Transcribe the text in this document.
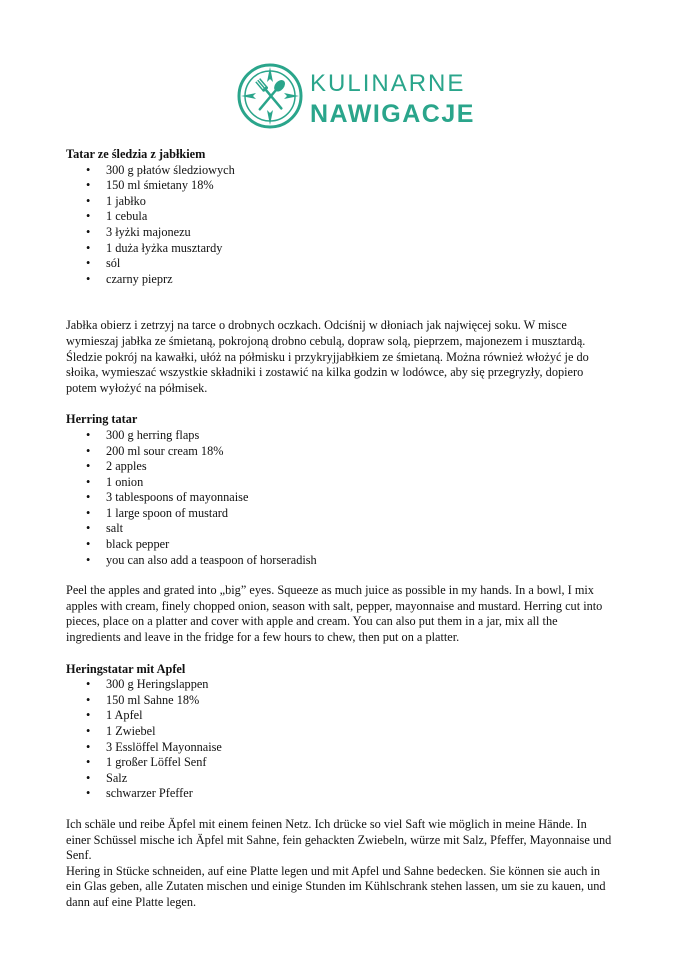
KULINARNE
NAWIGACJE

Tatar ze śledzia z jabłkiem

• 300 g płatów śledziowych
• 150 ml śmietany 18%
• 1 jabłko
• 1 cebula
• 3 łyżki majonezu
• 1 duża łyżka musztardy
• sól
• czarny pieprz

Jabłka obierz i zetrzyj na tarce o drobnych oczkach. Odciśnij w dłoniach jak najwięcej soku. W misce wymieszaj jabłka ze śmietaną, pokrojoną drobno cebulą, dopraw solą, pieprzem, majonezem i musztardą. Śledzie pokrój na kawałki, ułóż na półmisku i przykryjjabłkiem ze śmietaną. Można również włożyć je do słoika, wymieszać wszystkie składniki i zostawić na kilka godzin w lodówce, aby się przegryzły, dopiero potem wyłożyć na półmisek.

Herring tatar

• 300 g herring flaps
• 200 ml sour cream 18%
• 2 apples
• 1 onion
• 3 tablespoons of mayonnaise
• 1 large spoon of mustard
• salt
• black pepper
• you can also add a teaspoon of horseradish

Peel the apples and grated into „big” eyes. Squeeze as much juice as possible in my hands. In a bowl, I mix apples with cream, finely chopped onion, season with salt, pepper, mayonnaise and mustard. Herring cut into pieces, place on a platter and cover with apple and cream. You can also put them in a jar, mix all the ingredients and leave in the fridge for a few hours to chew, then put on a platter.

Heringstatar mit Apfel

• 300 g Heringslappen
• 150 ml Sahne 18%
• 1 Apfel
• 1 Zwiebel
• 3 Esslöffel Mayonnaise
• 1 großer Löffel Senf
• Salz
• schwarzer Pfeffer

Ich schäle und reibe Äpfel mit einem feinen Netz. Ich drücke so viel Saft wie möglich in meine Hände. In einer Schüssel mische ich Äpfel mit Sahne, fein gehackten Zwiebeln, würze mit Salz, Pfeffer, Mayonnaise und Senf.

Hering in Stücke schneiden, auf eine Platte legen und mit Apfel und Sahne bedecken. Sie können sie auch in ein Glas geben, alle Zutaten mischen und einige Stunden im Kühlschrank stehen lassen, um sie zu kauen, und dann auf eine Platte legen.
